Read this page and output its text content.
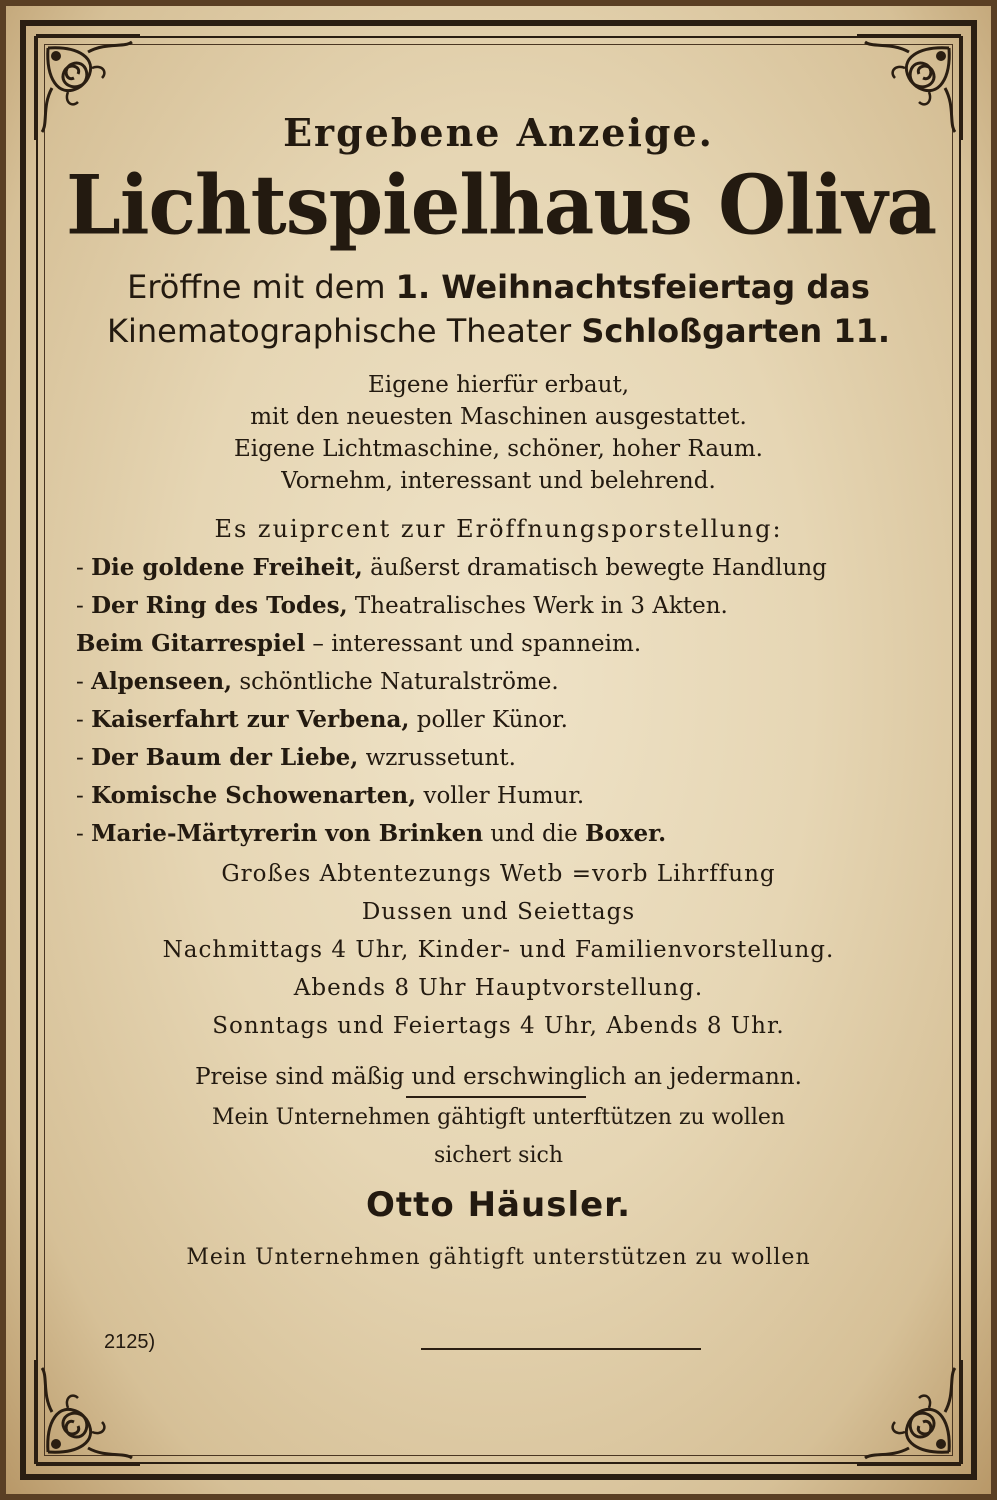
Ergebene Anzeige.

Lichtspielhaus Oliva

Eröffne mit dem 1. Weihnachtsfeiertag das
Kinematographische Theater Schloßgarten 11.
Eigene hierfür erbaut,
mit den neuesten Maschinen ausgestattet.
Eigene Lichtmaschine, schöner, hoher Raum.
Vornehm, interessant und belehrend.

Es zuiprcent zur Eröffnungsporstellung:

- Die goldene Freiheit, äußerst dramatisch bewegte Handlung
- Der Ring des Todes, Theatralisches Werk in 3 Akten.
Beim Gitarrespiel – interessant und spanneim.
- Alpenseen, schöntliche Naturalströme.
- Kaiserfahrt zur Verbena, poller Künor.
- Der Baum der Liebe, wzrussetunt.
- Komische Schowenarten, voller Humur.
- Marie-Märtyrerin von Brinken und die Boxer.
Großes Abtentezungs Wetb =vorb Lihrffung
Dussen und Seiettags
Nachmittags 4 Uhr, Kinder- und Familienvorstellung.
Abends 8 Uhr Hauptvorstellung.
Sonntags und Feiertags 4 Uhr, Abends 8 Uhr.

Preise sind mäßig und erschwinglich an jedermann.

Mein Unternehmen gähtigft unterftützen zu wollen
sichert sich

Otto Häusler.

Mein Unternehmen gähtigft unterstützen zu wollen

2125)
